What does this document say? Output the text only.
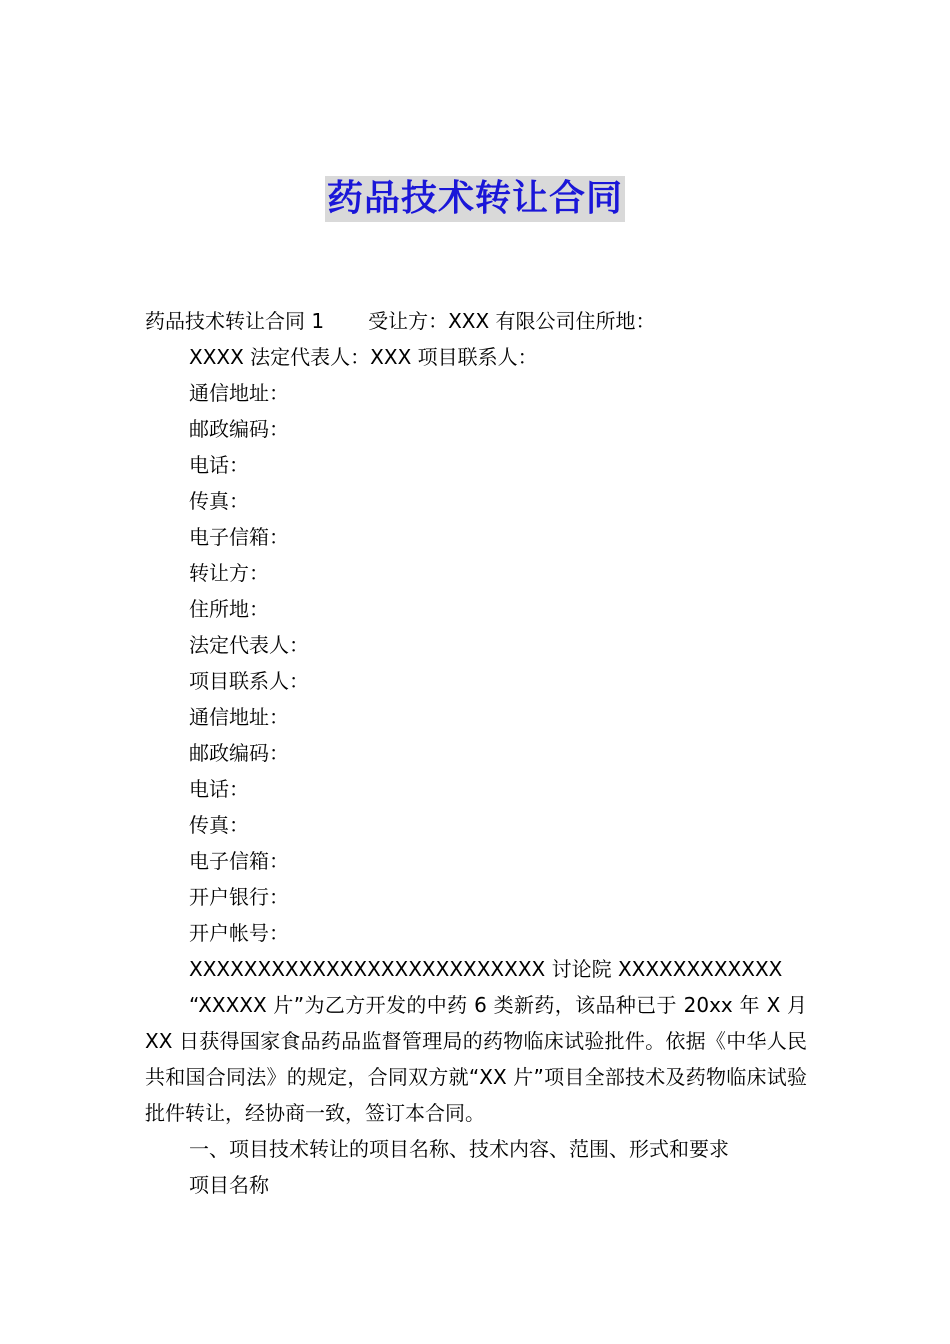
药品技术转让合同
药品技术转让合同 1 受让方：XXX 有限公司住所地：
XXXX 法定代表人：XXX 项目联系人：
通信地址：
邮政编码：
电话：
传真：
电子信箱：
转让方：
住所地：
法定代表人：
项目联系人：
通信地址：
邮政编码：
电话：
传真：
电子信箱：
开户银行：
开户帐号：
XXXXXXXXXXXXXXXXXXXXXXXXXX 讨论院 XXXXXXXXXXXX
“XXXXX 片”为乙方开发的中药 6 类新药，该品种已于 20xx 年 X 月 XX 日获得国家食品药品监督管理局的药物临床试验批件。依据《中华人民共和国合同法》的规定，合同双方就“XX 片”项目全部技术及药物临床试验批件转让，经协商一致，签订本合同。
一、项目技术转让的项目名称、技术内容、范围、形式和要求
项目名称
